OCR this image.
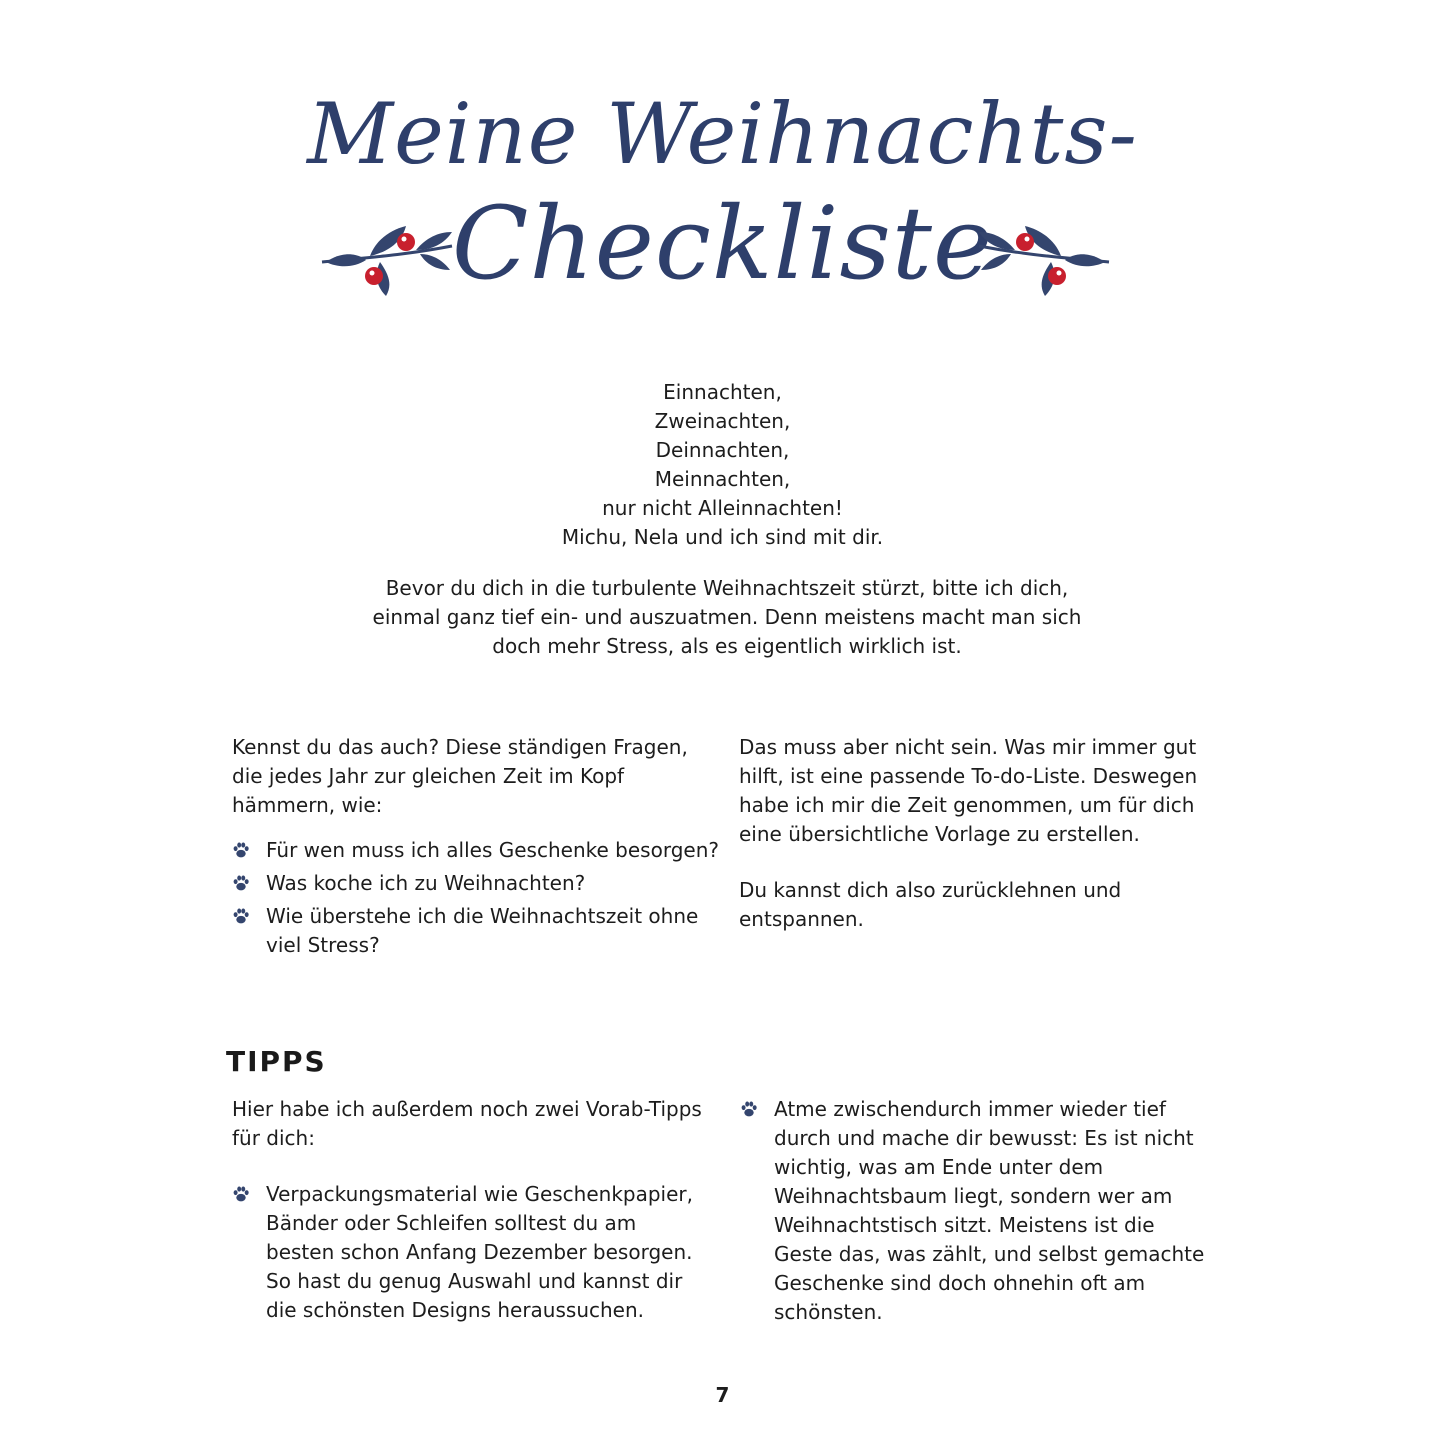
Meine Weihnachts-
Checkliste

Einnachten,
Zweinachten,
Deinnachten,
Meinnachten,
nur nicht Alleinnachten!
Michu, Nela und ich sind mit dir.

Bevor du dich in die turbulente Weihnachtszeit stürzt, bitte ich dich, einmal ganz tief ein- und auszuatmen. Denn meistens macht man sich doch mehr Stress, als es eigentlich wirklich ist.

Kennst du das auch? Diese ständigen Fragen, die jedes Jahr zur gleichen Zeit im Kopf hämmern, wie:

Für wen muss ich alles Geschenke besorgen?
Was koche ich zu Weihnachten?
Wie überstehe ich die Weihnachtszeit ohne viel Stress?

Das muss aber nicht sein. Was mir immer gut hilft, ist eine passende To-do-Liste. Deswegen habe ich mir die Zeit genommen, um für dich eine übersichtliche Vorlage zu erstellen.

Du kannst dich also zurücklehnen und entspannen.

TIPPS

Hier habe ich außerdem noch zwei Vorab-Tipps für dich:

Verpackungsmaterial wie Geschenkpapier, Bänder oder Schleifen solltest du am besten schon Anfang Dezember besorgen. So hast du genug Auswahl und kannst dir die schönsten Designs heraussuchen.
Atme zwischendurch immer wieder tief durch und mache dir bewusst: Es ist nicht wichtig, was am Ende unter dem Weihnachtsbaum liegt, sondern wer am Weihnachtstisch sitzt. Meistens ist die Geste das, was zählt, und selbst gemachte Geschenke sind doch ohnehin oft am schönsten.

7
